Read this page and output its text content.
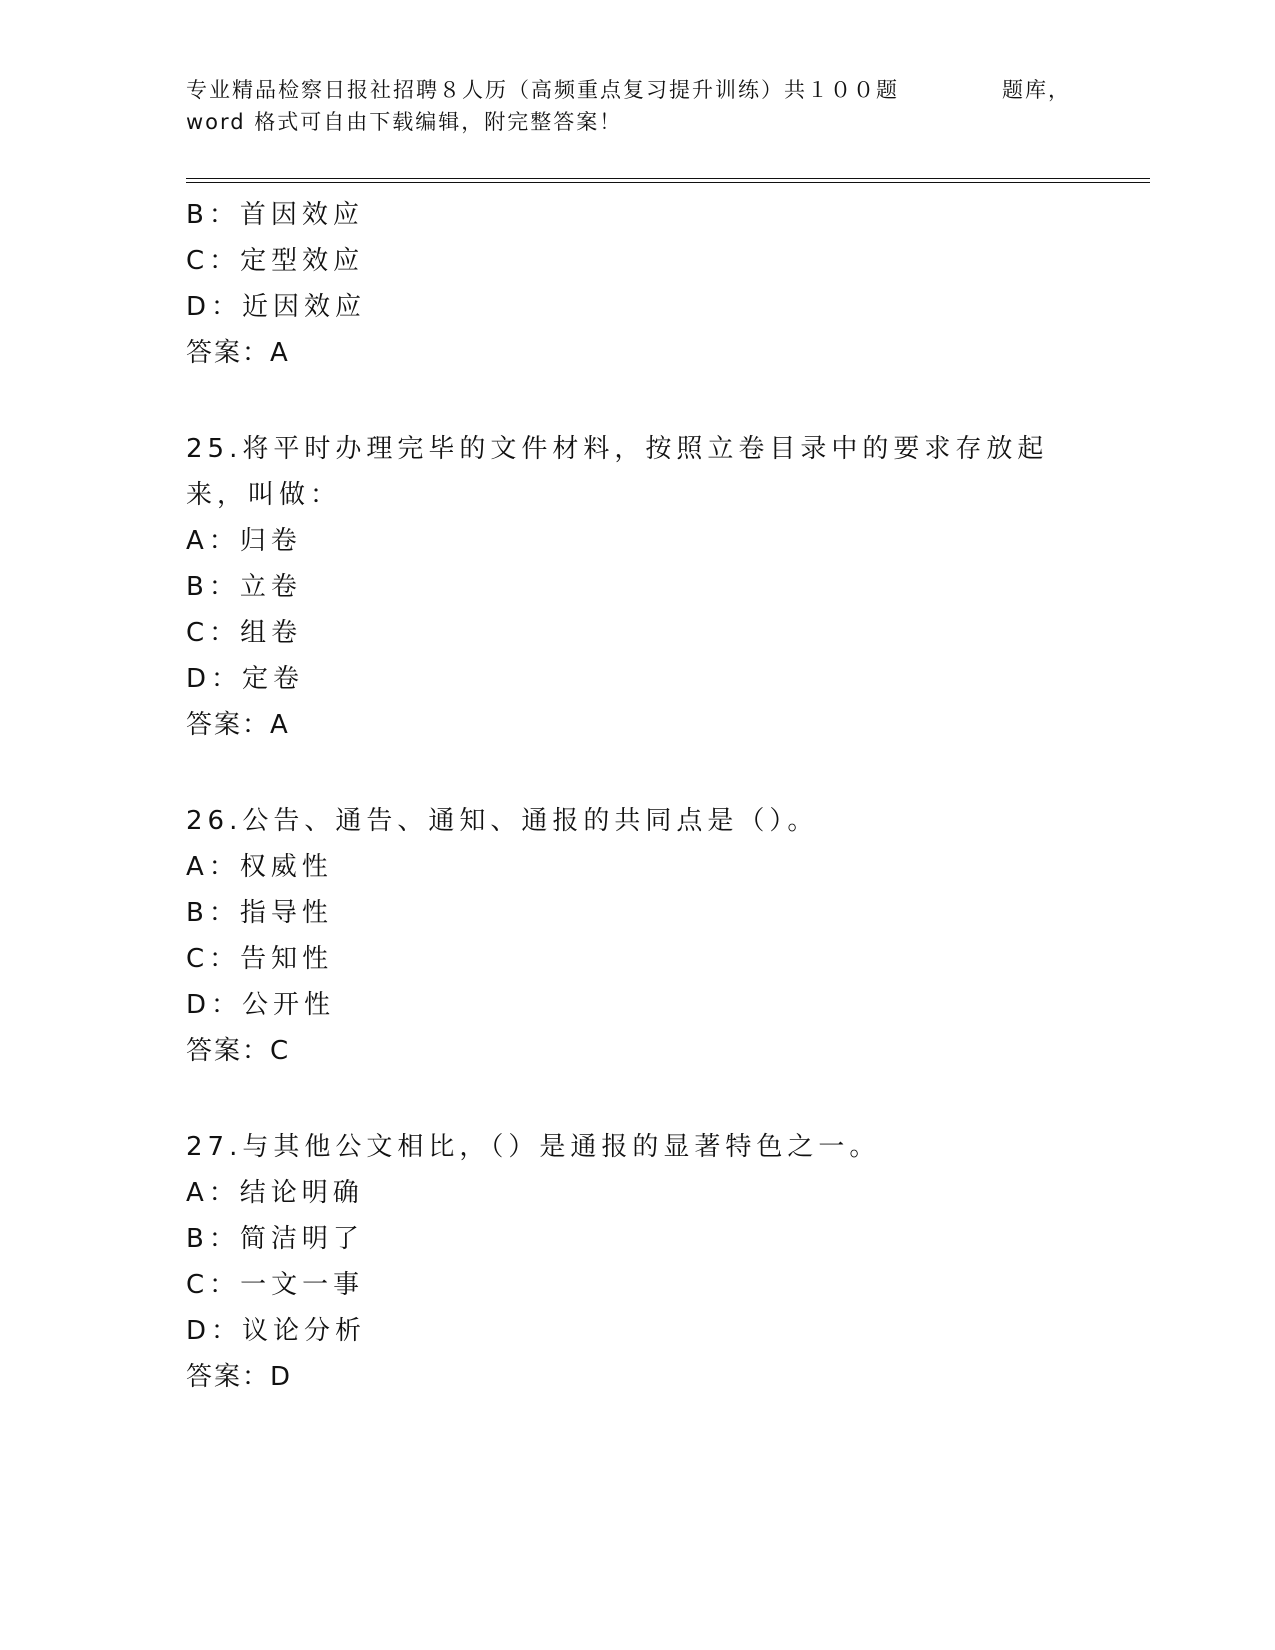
专业精品检察日报社招聘８人历（高频重点复习提升训练）共１００题	题库，
word 格式可自由下载编辑，附完整答案！
B：首因效应
C：定型效应
D：近因效应
答案：A
25.将平时办理完毕的文件材料，按照立卷目录中的要求存放起来，叫做：
A：归卷
B：立卷
C：组卷
D：定卷
答案：A
26.公告、通告、通知、通报的共同点是（）。
A：权威性
B：指导性
C：告知性
D：公开性
答案：C
27.与其他公文相比，（）是通报的显著特色之一。
A：结论明确
B：简洁明了
C：一文一事
D：议论分析
答案：D
